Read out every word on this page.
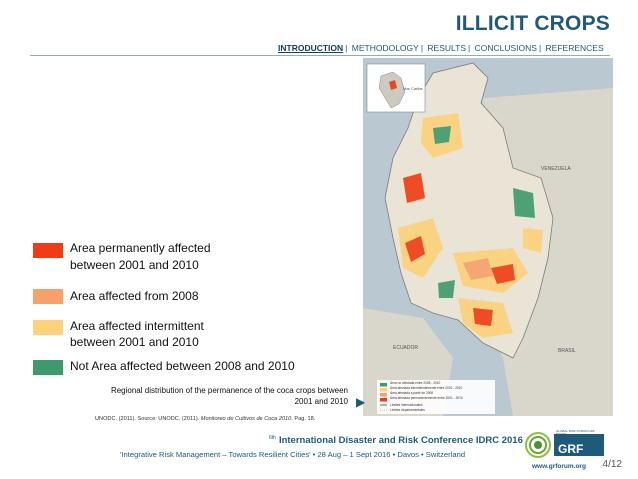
ILLICIT CROPS
INTRODUCTION | METHODOLOGY | RESULTS | CONCLUSIONS | REFERENCES
Mar Caribe
VENEZUELA
ECUADOR	BRASIL
Área no afectada entre 2008 - 2010
Área afectada intermitentemente entre 2001 - 2010
Área afectada a partir de 2008
Área afectada permanentemente entre 2001 - 2010
Límites internacionales
Límites departamentales
Area permanently affected
between 2001 and 2010
Area affected from 2008
Area affected intermittent
between 2001 and 2010
Not Area affected between 2008 and 2010
Regional distribution of the permanence of the coca crops between
2001 and 2010 ▶
UNODC. (2011). Source: UNODC. (2011). Monitoreo de Cultivos de Coca 2010. Pag. 18.
$^{6th}$ International Disaster and Risk Conference IDRC 2016
'Integrative Risk Management – Towards Resilient Cities' • 28 Aug – 1 Sept 2016 • Davos • Switzerland	GRF
GLOBAL RISK FORUM GRF DAVOS
www.grforum.org 4/12
